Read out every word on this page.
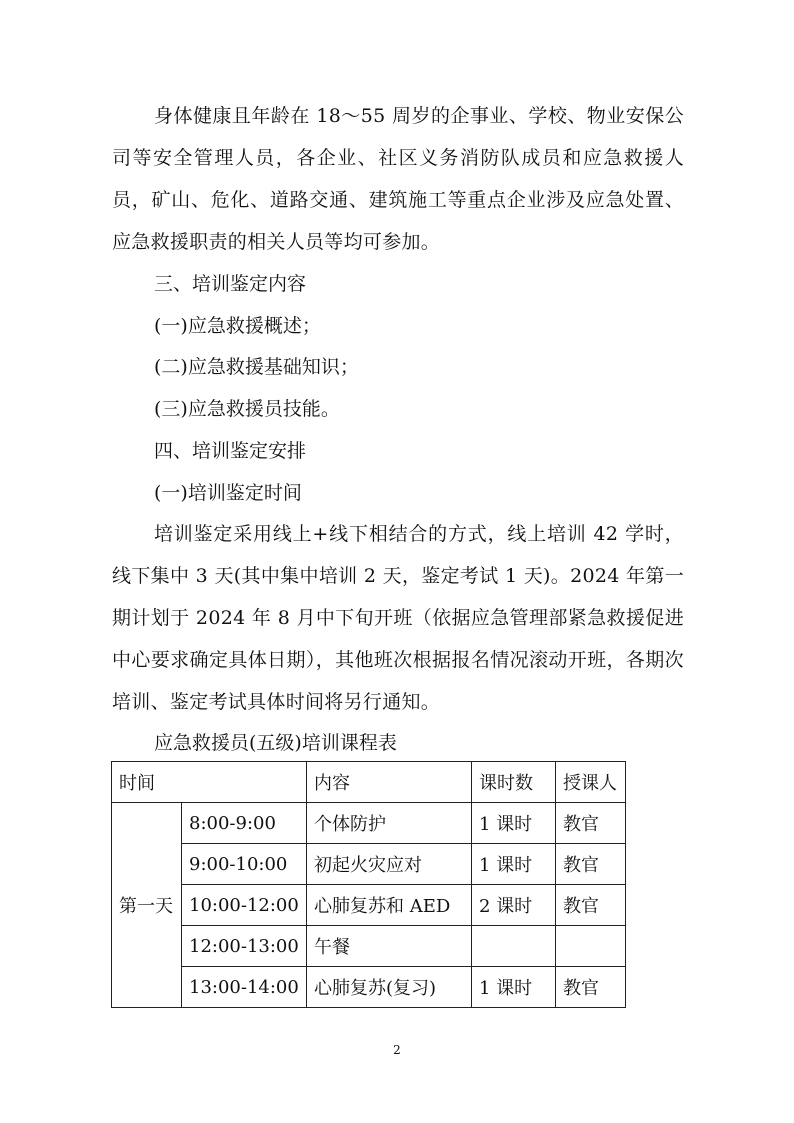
身体健康且年龄在 18～55 周岁的企事业、学校、物业安保公司等安全管理人员，各企业、社区义务消防队成员和应急救援人员，矿山、危化、道路交通、建筑施工等重点企业涉及应急处置、应急救援职责的相关人员等均可参加。

三、培训鉴定内容

(一)应急救援概述；

(二)应急救援基础知识；

(三)应急救援员技能。

四、培训鉴定安排

(一)培训鉴定时间

培训鉴定采用线上+线下相结合的方式，线上培训 42 学时，线下集中 3 天(其中集中培训 2 天，鉴定考试 1 天)。2024 年第一期计划于 2024 年 8 月中下旬开班（依据应急管理部紧急救援促进中心要求确定具体日期），其他班次根据报名情况滚动开班，各期次培训、鉴定考试具体时间将另行通知。

应急救援员(五级)培训课程表

时间		内容	课时数	授课人
第一天	8:00-9:00	个体防护	1 课时	教官
	9:00-10:00	初起火灾应对	1 课时	教官
	10:00-12:00	心肺复苏和 AED	2 课时	教官
	12:00-13:00	午餐		
	13:00-14:00	心肺复苏(复习)	1 课时	教官
2
